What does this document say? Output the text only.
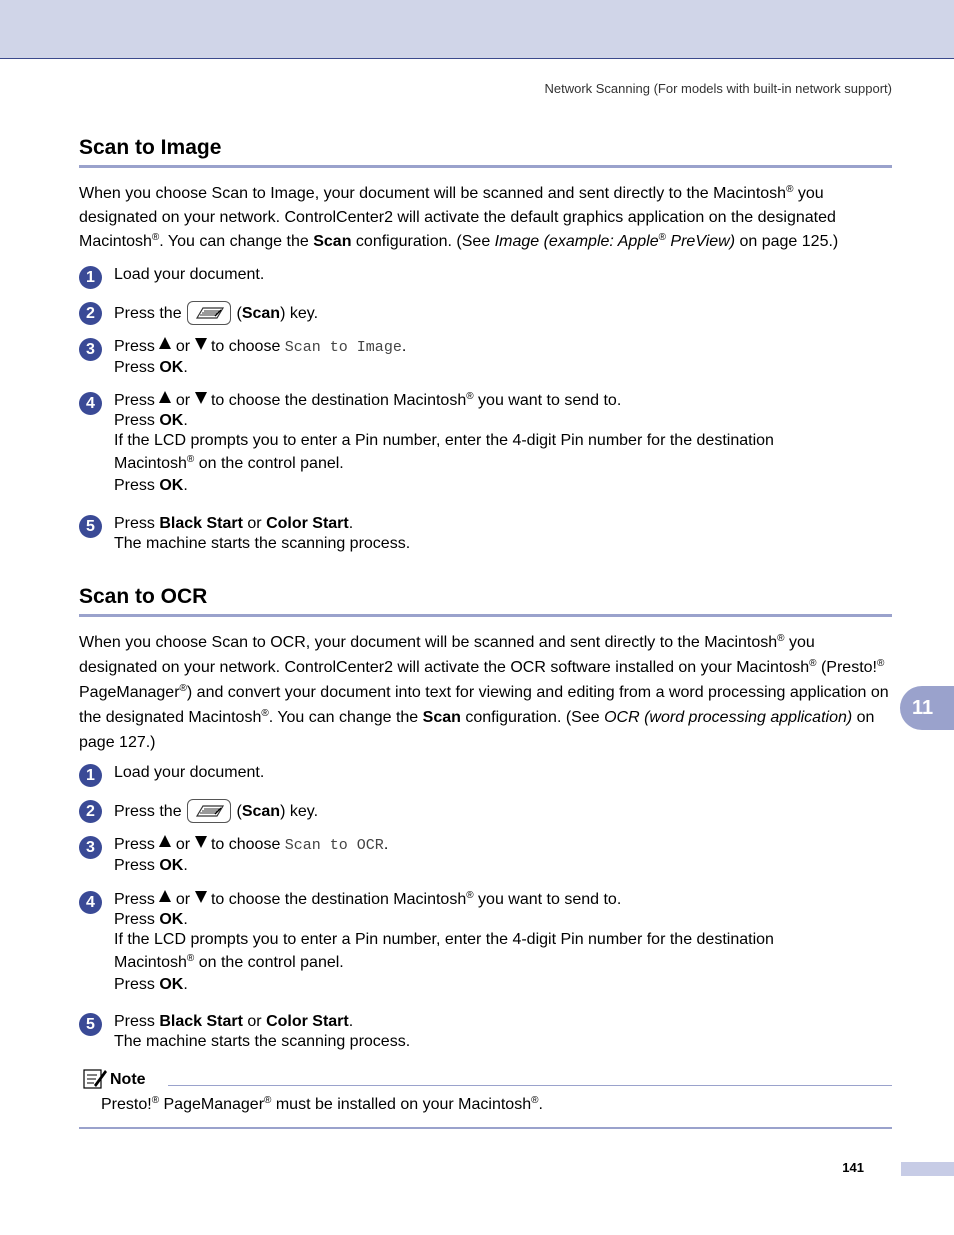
Network Scanning (For models with built-in network support)
Scan to Image

When you choose Scan to Image, your document will be scanned and sent directly to the Macintosh® you designated on your network. ControlCenter2 will activate the default graphics application on the designated Macintosh®. You can change the Scan configuration. (See Image (example: Apple® PreView) on page 125.)

1	Load your document.
2	Press the	(Scan) key.
3	Press or to choose Scan to Image.
Press OK.
4	Press or to choose the destination Macintosh® you want to send to.
Press OK.
If the LCD prompts you to enter a Pin number, enter the 4-digit Pin number for the destination
Macintosh® on the control panel.
Press OK.
5	Press Black Start or Color Start.
The machine starts the scanning process.
Scan to OCR

When you choose Scan to OCR, your document will be scanned and sent directly to the Macintosh® you designated on your network. ControlCenter2 will activate the OCR software installed on your Macintosh® (Presto!® PageManager®) and convert your document into text for viewing and editing from a word processing application on the designated Macintosh®. You can change the Scan configuration. (See OCR (word processing application) on page 127.)

11
1	Load your document.
2	Press the	(Scan) key.
3	Press or to choose Scan to OCR.
Press OK.
4	Press or to choose the destination Macintosh® you want to send to.
Press OK.
If the LCD prompts you to enter a Pin number, enter the 4-digit Pin number for the destination
Macintosh® on the control panel.
Press OK.
5	Press Black Start or Color Start.
The machine starts the scanning process.
Note
Presto!® PageManager® must be installed on your Macintosh®.
141
